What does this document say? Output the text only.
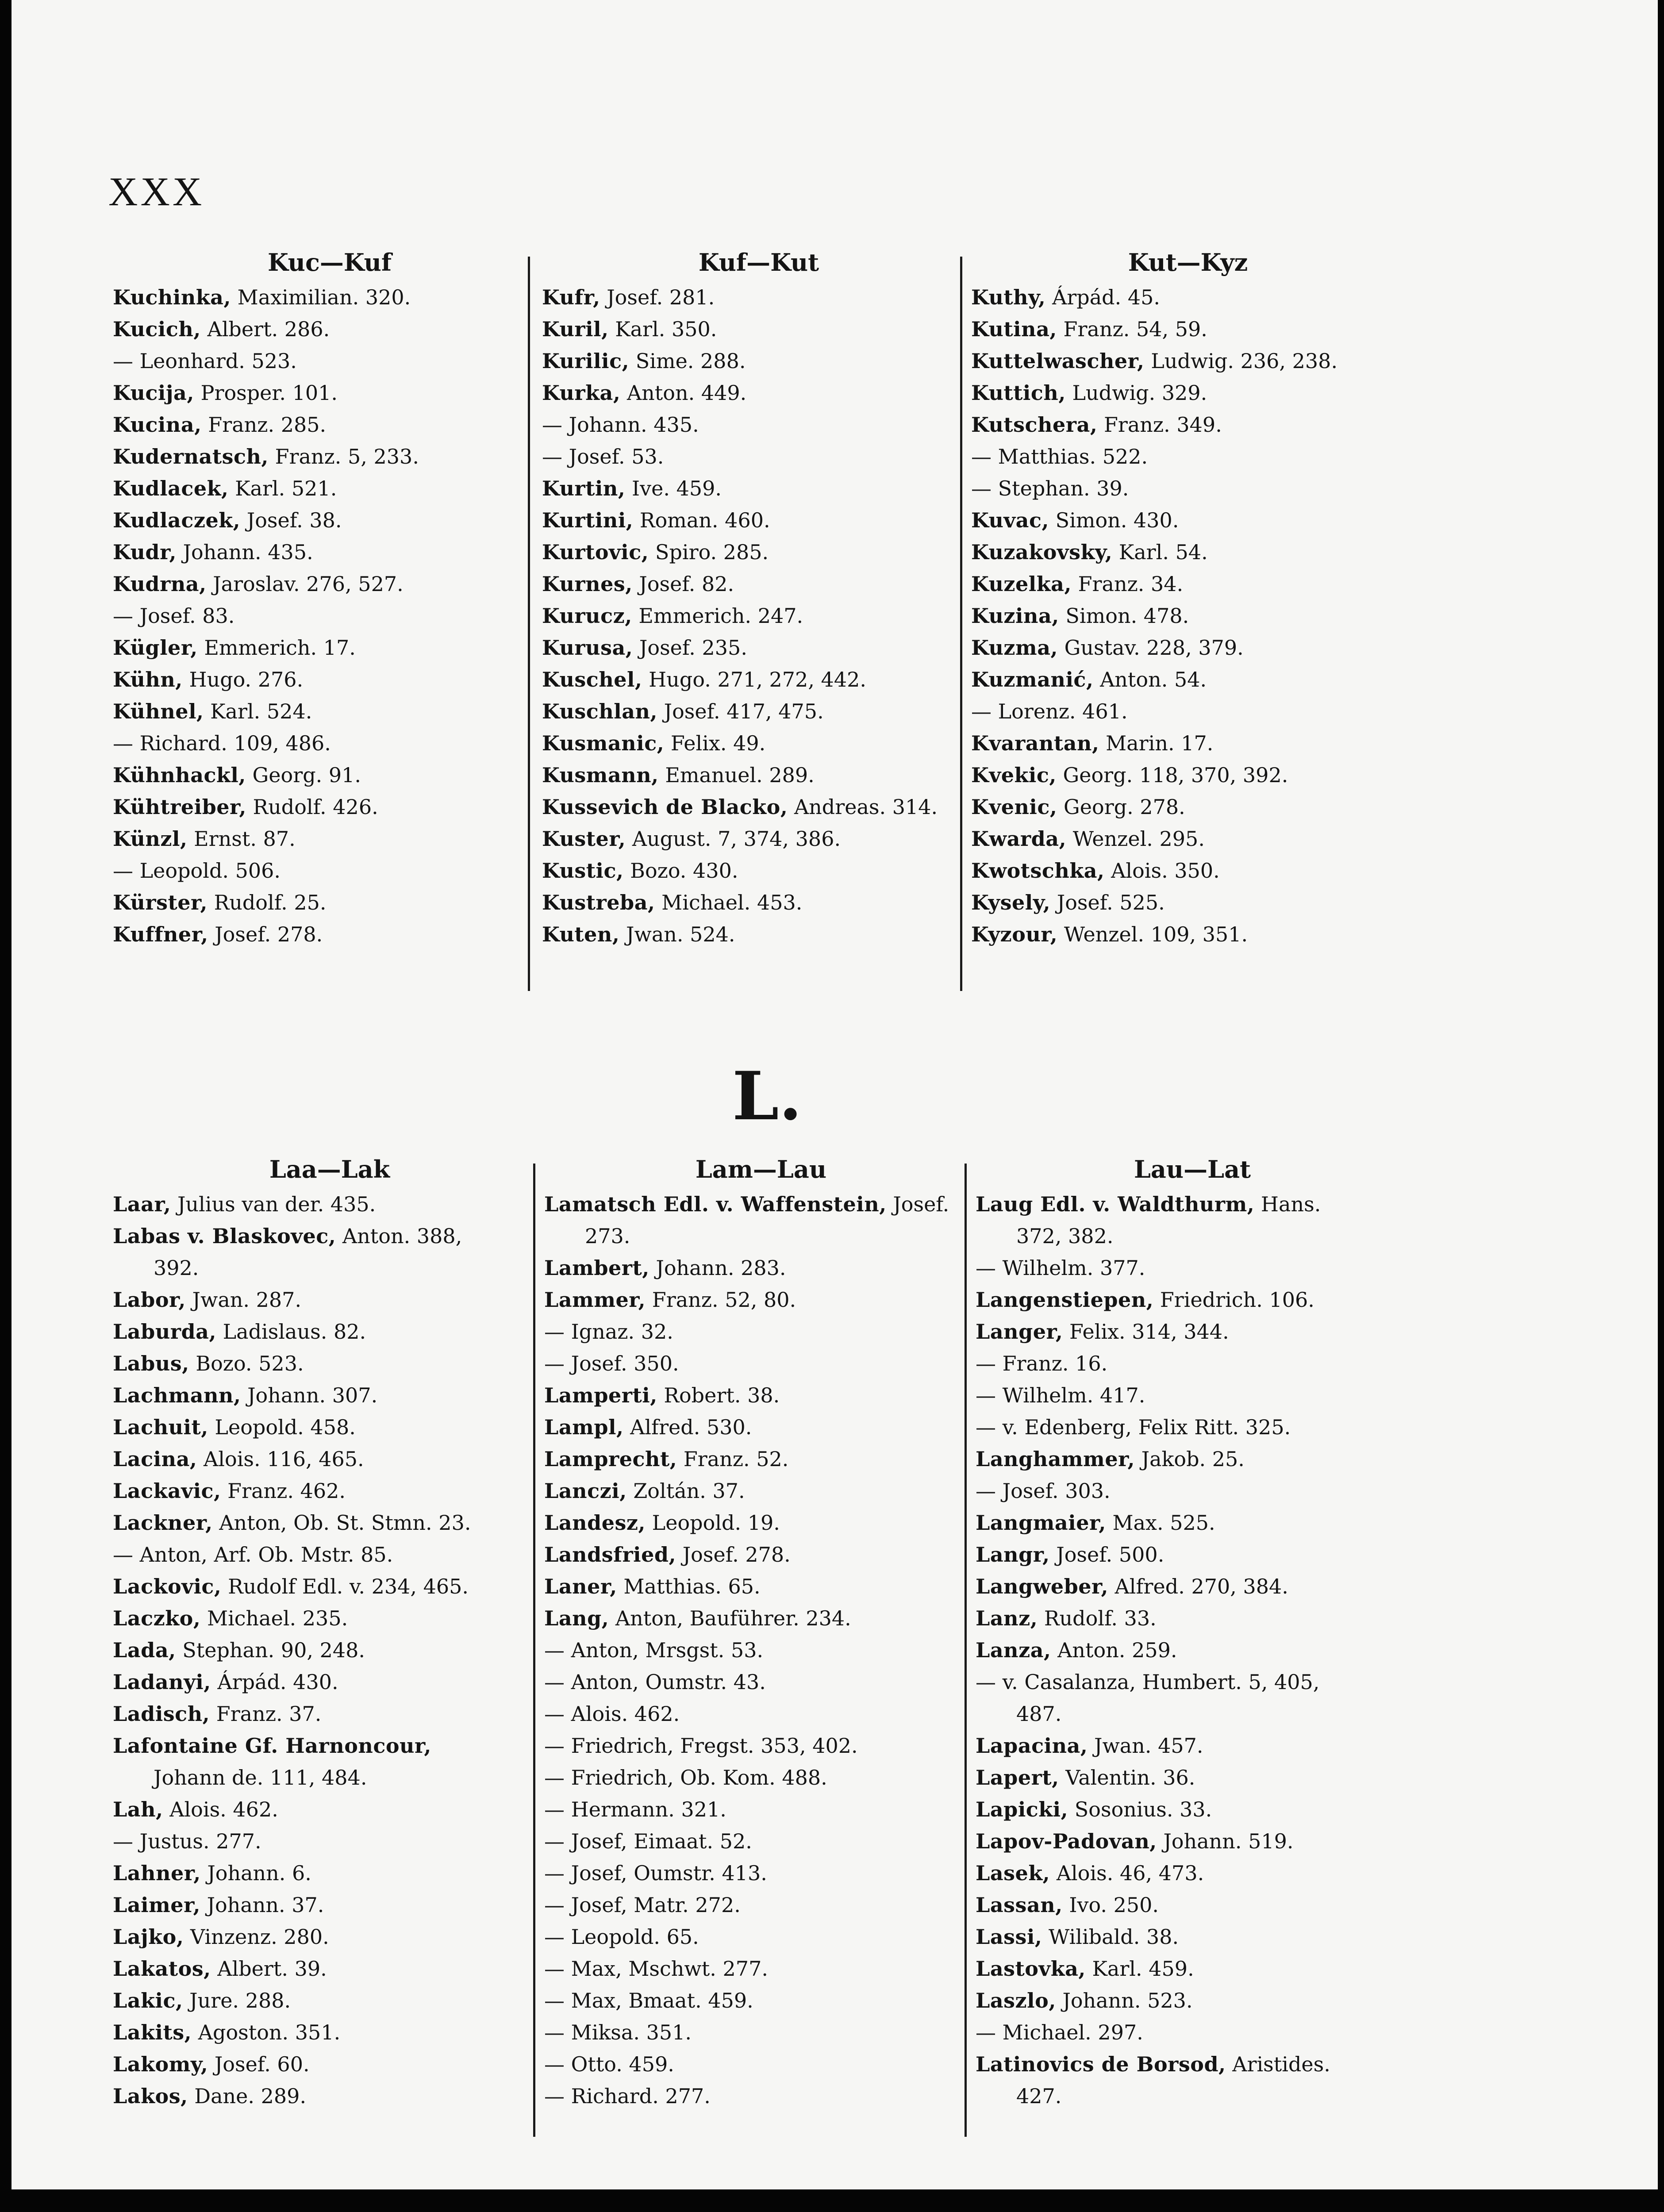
XXX
Kuc—Kuf
Kuchinka, Maximilian. 320.
Kucich, Albert. 286.
— Leonhard. 523.
Kucija, Prosper. 101.
Kucina, Franz. 285.
Kudernatsch, Franz. 5, 233.
Kudlacek, Karl. 521.
Kudlaczek, Josef. 38.
Kudr, Johann. 435.
Kudrna, Jaroslav. 276, 527.
— Josef. 83.
Kügler, Emmerich. 17.
Kühn, Hugo. 276.
Kühnel, Karl. 524.
— Richard. 109, 486.
Kühnhackl, Georg. 91.
Kühtreiber, Rudolf. 426.
Künzl, Ernst. 87.
— Leopold. 506.
Kürster, Rudolf. 25.
Kuffner, Josef. 278.
Kuf—Kut
Kufr, Josef. 281.
Kuril, Karl. 350.
Kurilic, Sime. 288.
Kurka, Anton. 449.
— Johann. 435.
— Josef. 53.
Kurtin, Ive. 459.
Kurtini, Roman. 460.
Kurtovic, Spiro. 285.
Kurnes, Josef. 82.
Kurucz, Emmerich. 247.
Kurusa, Josef. 235.
Kuschel, Hugo. 271, 272, 442.
Kuschlan, Josef. 417, 475.
Kusmanic, Felix. 49.
Kusmann, Emanuel. 289.
Kussevich de Blacko, Andreas. 314.
Kuster, August. 7, 374, 386.
Kustic, Bozo. 430.
Kustreba, Michael. 453.
Kuten, Jwan. 524.
Kut—Kyz
Kuthy, Árpád. 45.
Kutina, Franz. 54, 59.
Kuttelwascher, Ludwig. 236, 238.
Kuttich, Ludwig. 329.
Kutschera, Franz. 349.
— Matthias. 522.
— Stephan. 39.
Kuvac, Simon. 430.
Kuzakovsky, Karl. 54.
Kuzelka, Franz. 34.
Kuzina, Simon. 478.
Kuzma, Gustav. 228, 379.
Kuzmanić, Anton. 54.
— Lorenz. 461.
Kvarantan, Marin. 17.
Kvekic, Georg. 118, 370, 392.
Kvenic, Georg. 278.
Kwarda, Wenzel. 295.
Kwotschka, Alois. 350.
Kysely, Josef. 525.
Kyzour, Wenzel. 109, 351.
L.
Laa—Lak
Laar, Julius van der. 435.
Labas v. Blaskovec, Anton. 388,
392.
Labor, Jwan. 287.
Laburda, Ladislaus. 82.
Labus, Bozo. 523.
Lachmann, Johann. 307.
Lachuit, Leopold. 458.
Lacina, Alois. 116, 465.
Lackavic, Franz. 462.
Lackner, Anton, Ob. St. Stmn. 23.
— Anton, Arf. Ob. Mstr. 85.
Lackovic, Rudolf Edl. v. 234, 465.
Laczko, Michael. 235.
Lada, Stephan. 90, 248.
Ladanyi, Árpád. 430.
Ladisch, Franz. 37.
Lafontaine Gf. Harnoncour,
Johann de. 111, 484.
Lah, Alois. 462.
— Justus. 277.
Lahner, Johann. 6.
Laimer, Johann. 37.
Lajko, Vinzenz. 280.
Lakatos, Albert. 39.
Lakic, Jure. 288.
Lakits, Agoston. 351.
Lakomy, Josef. 60.
Lakos, Dane. 289.
Lam—Lau
Lamatsch Edl. v. Waffenstein, Josef.
273.
Lambert, Johann. 283.
Lammer, Franz. 52, 80.
— Ignaz. 32.
— Josef. 350.
Lamperti, Robert. 38.
Lampl, Alfred. 530.
Lamprecht, Franz. 52.
Lanczi, Zoltán. 37.
Landesz, Leopold. 19.
Landsfried, Josef. 278.
Laner, Matthias. 65.
Lang, Anton, Bauführer. 234.
— Anton, Mrsgst. 53.
— Anton, Oumstr. 43.
— Alois. 462.
— Friedrich, Fregst. 353, 402.
— Friedrich, Ob. Kom. 488.
— Hermann. 321.
— Josef, Eimaat. 52.
— Josef, Oumstr. 413.
— Josef, Matr. 272.
— Leopold. 65.
— Max, Mschwt. 277.
— Max, Bmaat. 459.
— Miksa. 351.
— Otto. 459.
— Richard. 277.
Lau—Lat
Laug Edl. v. Waldthurm, Hans.
372, 382.
— Wilhelm. 377.
Langenstiepen, Friedrich. 106.
Langer, Felix. 314, 344.
— Franz. 16.
— Wilhelm. 417.
— v. Edenberg, Felix Ritt. 325.
Langhammer, Jakob. 25.
— Josef. 303.
Langmaier, Max. 525.
Langr, Josef. 500.
Langweber, Alfred. 270, 384.
Lanz, Rudolf. 33.
Lanza, Anton. 259.
— v. Casalanza, Humbert. 5, 405,
487.
Lapacina, Jwan. 457.
Lapert, Valentin. 36.
Lapicki, Sosonius. 33.
Lapov-Padovan, Johann. 519.
Lasek, Alois. 46, 473.
Lassan, Ivo. 250.
Lassi, Wilibald. 38.
Lastovka, Karl. 459.
Laszlo, Johann. 523.
— Michael. 297.
Latinovics de Borsod, Aristides.
427.
